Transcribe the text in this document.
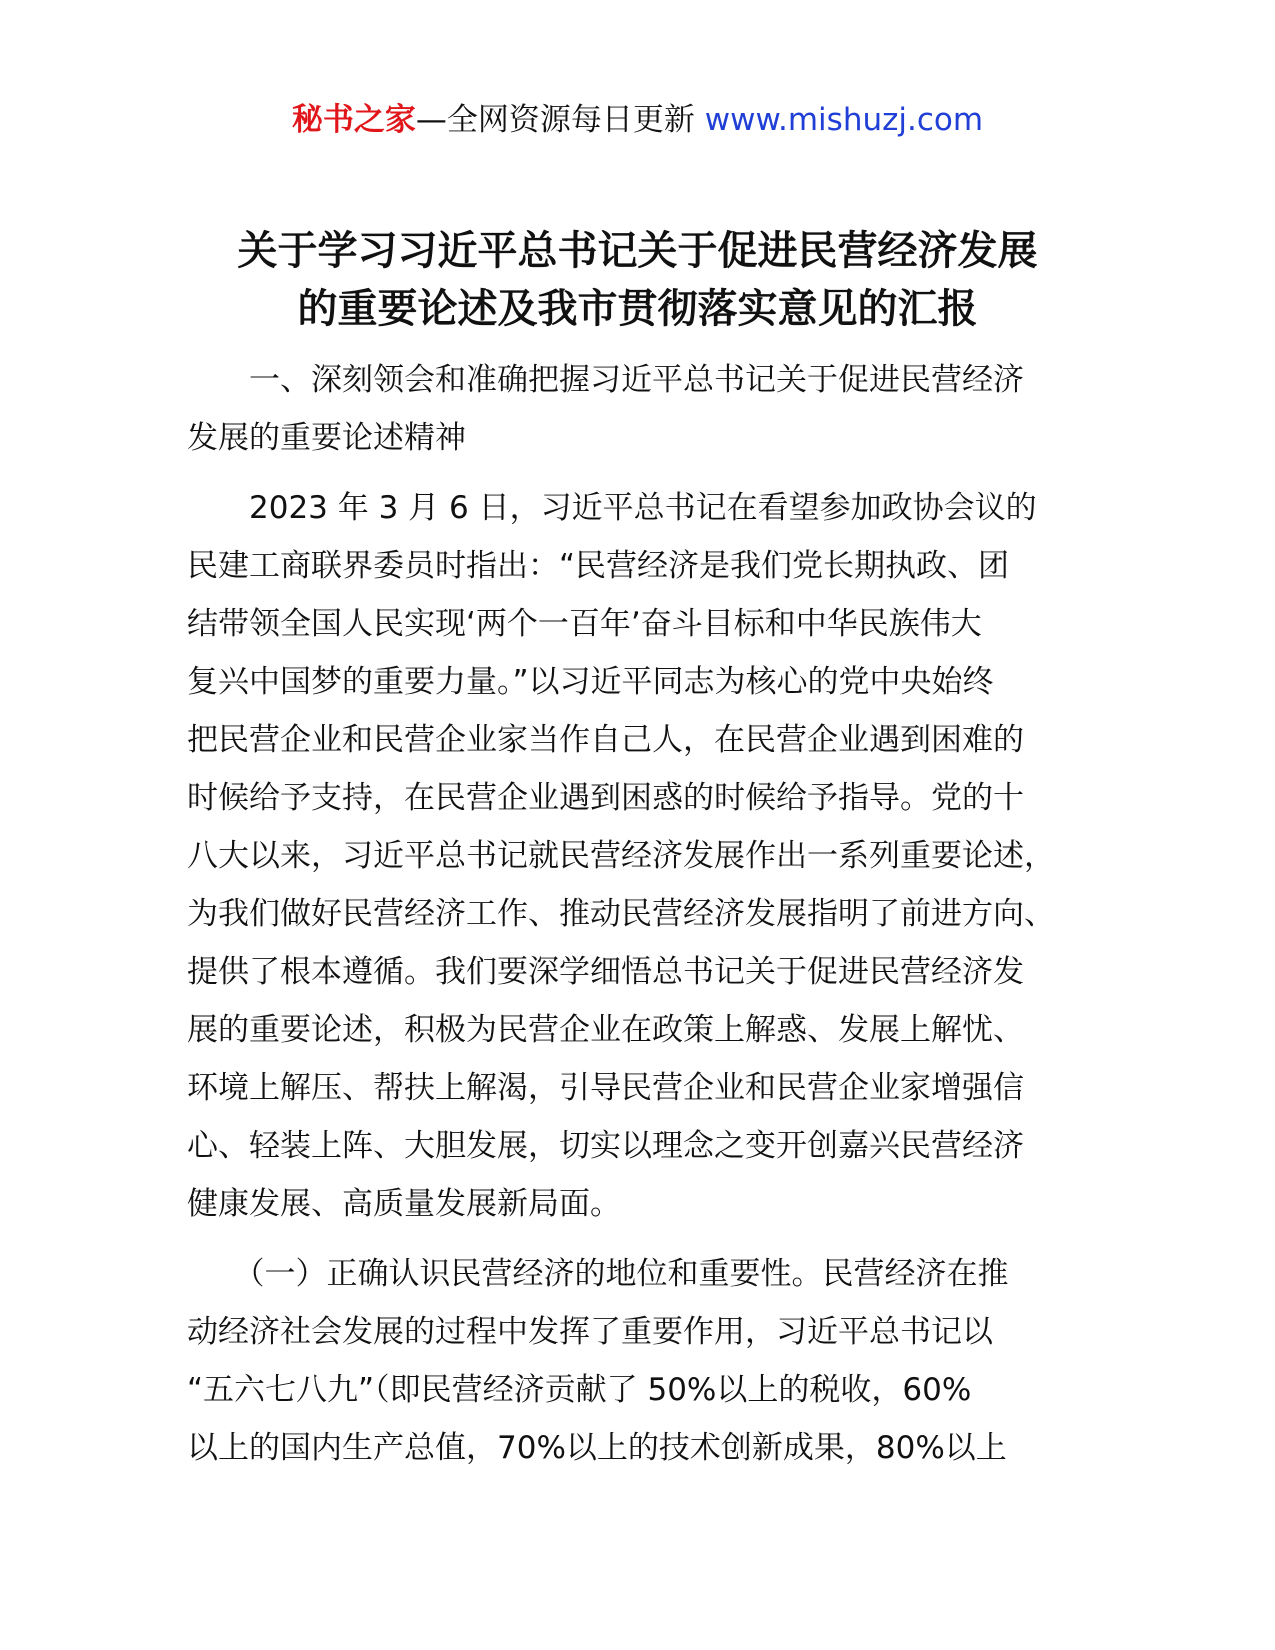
秘书之家—全网资源每日更新 www.mishuzj.com
关于学习习近平总书记关于促进民营经济发展
的重要论述及我市贯彻落实意见的汇报
　　一、深刻领会和准确把握习近平总书记关于促进民营经济
发展的重要论述精神
　　2023 年 3 月 6 日，习近平总书记在看望参加政协会议的
民建工商联界委员时指出：“民营经济是我们党长期执政、团
结带领全国人民实现‘两个一百年’奋斗目标和中华民族伟大
复兴中国梦的重要力量。”以习近平同志为核心的党中央始终
把民营企业和民营企业家当作自己人，在民营企业遇到困难的
时候给予支持，在民营企业遇到困惑的时候给予指导。党的十
八大以来，习近平总书记就民营经济发展作出一系列重要论述，
为我们做好民营经济工作、推动民营经济发展指明了前进方向、
提供了根本遵循。我们要深学细悟总书记关于促进民营经济发
展的重要论述，积极为民营企业在政策上解惑、发展上解忧、
环境上解压、帮扶上解渴，引导民营企业和民营企业家增强信
心、轻装上阵、大胆发展，切实以理念之变开创嘉兴民营经济
健康发展、高质量发展新局面。
　　（一）正确认识民营经济的地位和重要性。民营经济在推
动经济社会发展的过程中发挥了重要作用，习近平总书记以
“五六七八九”（即民营经济贡献了 50%以上的税收，60%
以上的国内生产总值，70%以上的技术创新成果，80%以上
